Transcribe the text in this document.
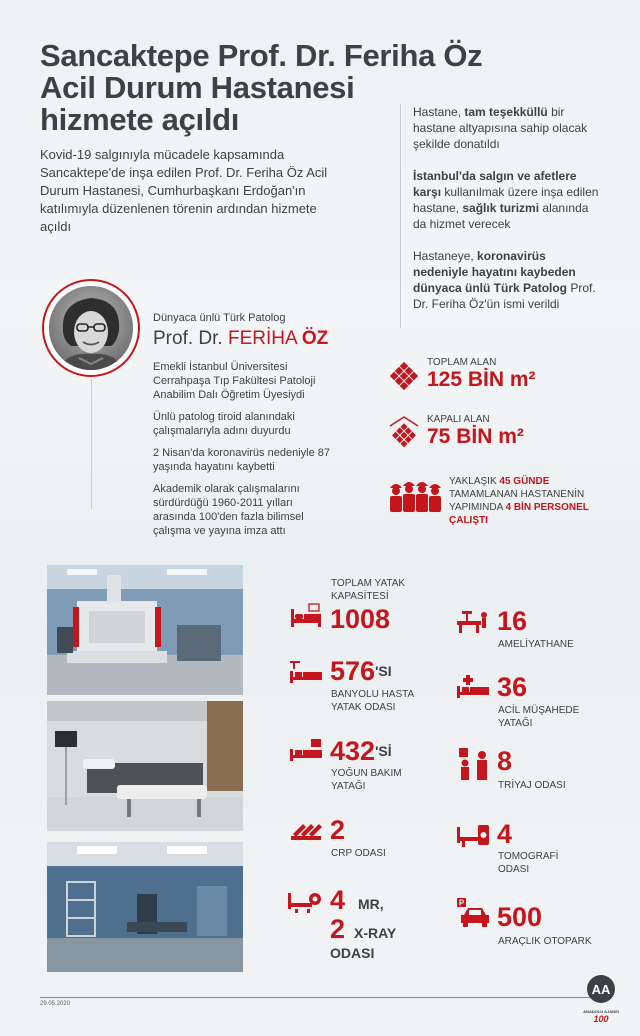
Sancaktepe Prof. Dr. Feriha Öz
Acil Durum Hastanesi
hizmete açıldı
Kovid-19 salgınıyla mücadele kapsamında Sancaktepe'de inşa edilen Prof. Dr. Feriha Öz Acil Durum Hastanesi, Cumhurbaşkanı Erdoğan'ın katılımıyla düzenlenen törenin ardından hizmete açıldı
Hastane, tam teşekküllü bir hastane altyapısına sahip olacak şekilde donatıldı
İstanbul'da salgın ve afetlere karşı kullanılmak üzere inşa edilen hastane, sağlık turizmi alanında da hizmet verecek
Hastaneye, koronavirüs nedeniyle hayatını kaybeden dünyaca ünlü Türk Patolog Prof. Dr. Feriha Öz'ün ismi verildi
Dünyaca ünlü Türk Patolog
Prof. Dr. FERİHA ÖZ

Emekli İstanbul Üniversitesi Cerrahpaşa Tıp Fakültesi Patoloji Anabilim Dalı Öğretim Üyesiydi

Ünlü patolog tiroid alanındaki çalışmalarıyla adını duyurdu

2 Nisan'da koronavirüs nedeniyle 87 yaşında hayatını kaybetti

Akademik olarak çalışmalarını sürdürdüğü 1960-2011 yılları arasında 100'den fazla bilimsel çalışma ve yayına imza attı

TOPLAM ALAN
125 BİN m²
KAPALI ALAN
75 BİN m²
YAKLAŞIK 45 GÜNDE TAMAMLANAN HASTANENİN YAPIMINDA 4 BİN PERSONEL ÇALIŞTI
TOPLAM YATAK KAPASİTESİ
1008
$576^{'SI}$
BANYOLU HASTA YATAK ODASI
$432^{'Sİ}$
YOĞUN BAKIM YATAĞI
2
CRP ODASI
4 MR,
2 X-RAY
ODASI
16
AMELİYATHANE
36
ACİL MÜŞAHEDE YATAĞI
8
TRİYAJ ODASI
4
TOMOGRAFİ ODASI
P 500
ARAÇLIK OTOPARK
29.05.2020
AA
ANADOLU AJANSI
100
